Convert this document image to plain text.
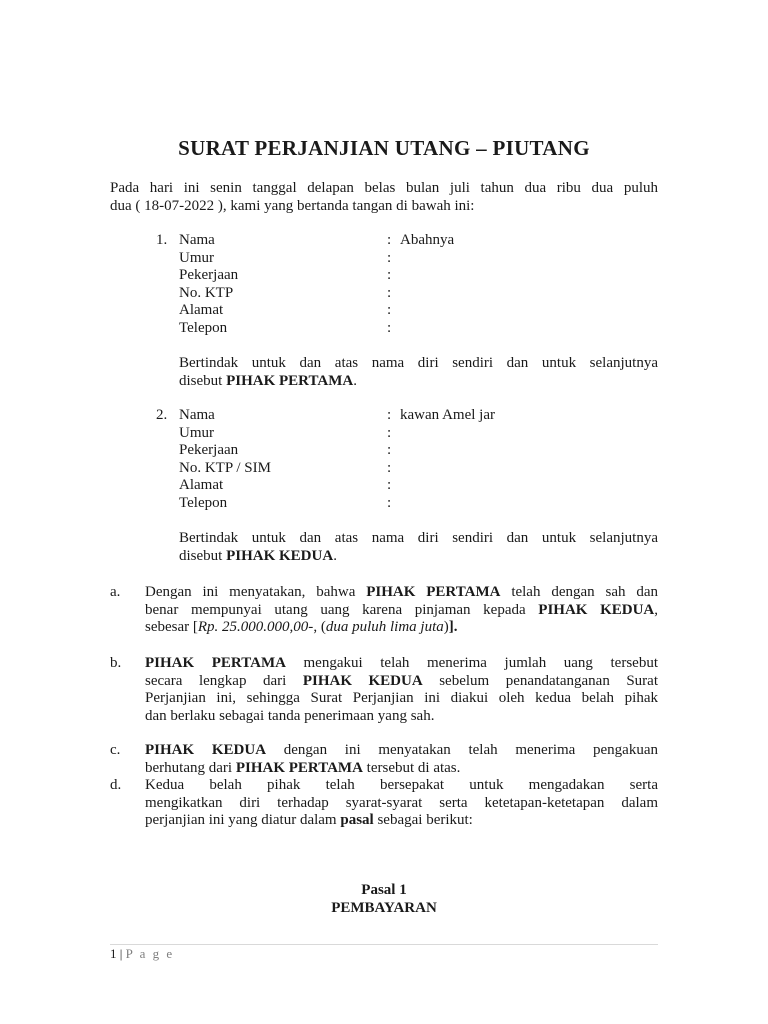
SURAT PERJANJIAN UTANG – PIUTANG
Pada hari ini senin tanggal delapan belas bulan juli tahun dua ribu dua puluh
dua ( 18-07-2022 ), kami yang bertanda tangan di bawah ini:
1. Nama	: Abahnya
Umur	:
Pekerjaan	:
No. KTP	:
Alamat	:
Telepon	:
Bertindak untuk dan atas nama diri sendiri dan untuk selanjutnya
disebut PIHAK PERTAMA.
2. Nama	: kawan Amel jar
Umur	:
Pekerjaan	:
No. KTP / SIM	:
Alamat	:
Telepon	:
Bertindak untuk dan atas nama diri sendiri dan untuk selanjutnya
disebut PIHAK KEDUA.
a. Dengan ini menyatakan, bahwa PIHAK PERTAMA telah dengan sah dan
benar mempunyai utang uang karena pinjaman kepada PIHAK KEDUA,
sebesar [Rp. 25.000.000,00-, (dua puluh lima juta)].
b. PIHAK PERTAMA mengakui telah menerima jumlah uang tersebut
secara lengkap dari PIHAK KEDUA sebelum penandatanganan Surat
Perjanjian ini, sehingga Surat Perjanjian ini diakui oleh kedua belah pihak
dan berlaku sebagai tanda penerimaan yang sah.
c. PIHAK KEDUA dengan ini menyatakan telah menerima pengakuan
berhutang dari PIHAK PERTAMA tersebut di atas.
d. Kedua belah pihak telah bersepakat untuk mengadakan serta
mengikatkan diri terhadap syarat-syarat serta ketetapan-ketetapan dalam
perjanjian ini yang diatur dalam pasal sebagai berikut:
Pasal 1
PEMBAYARAN
1 | P a g e
